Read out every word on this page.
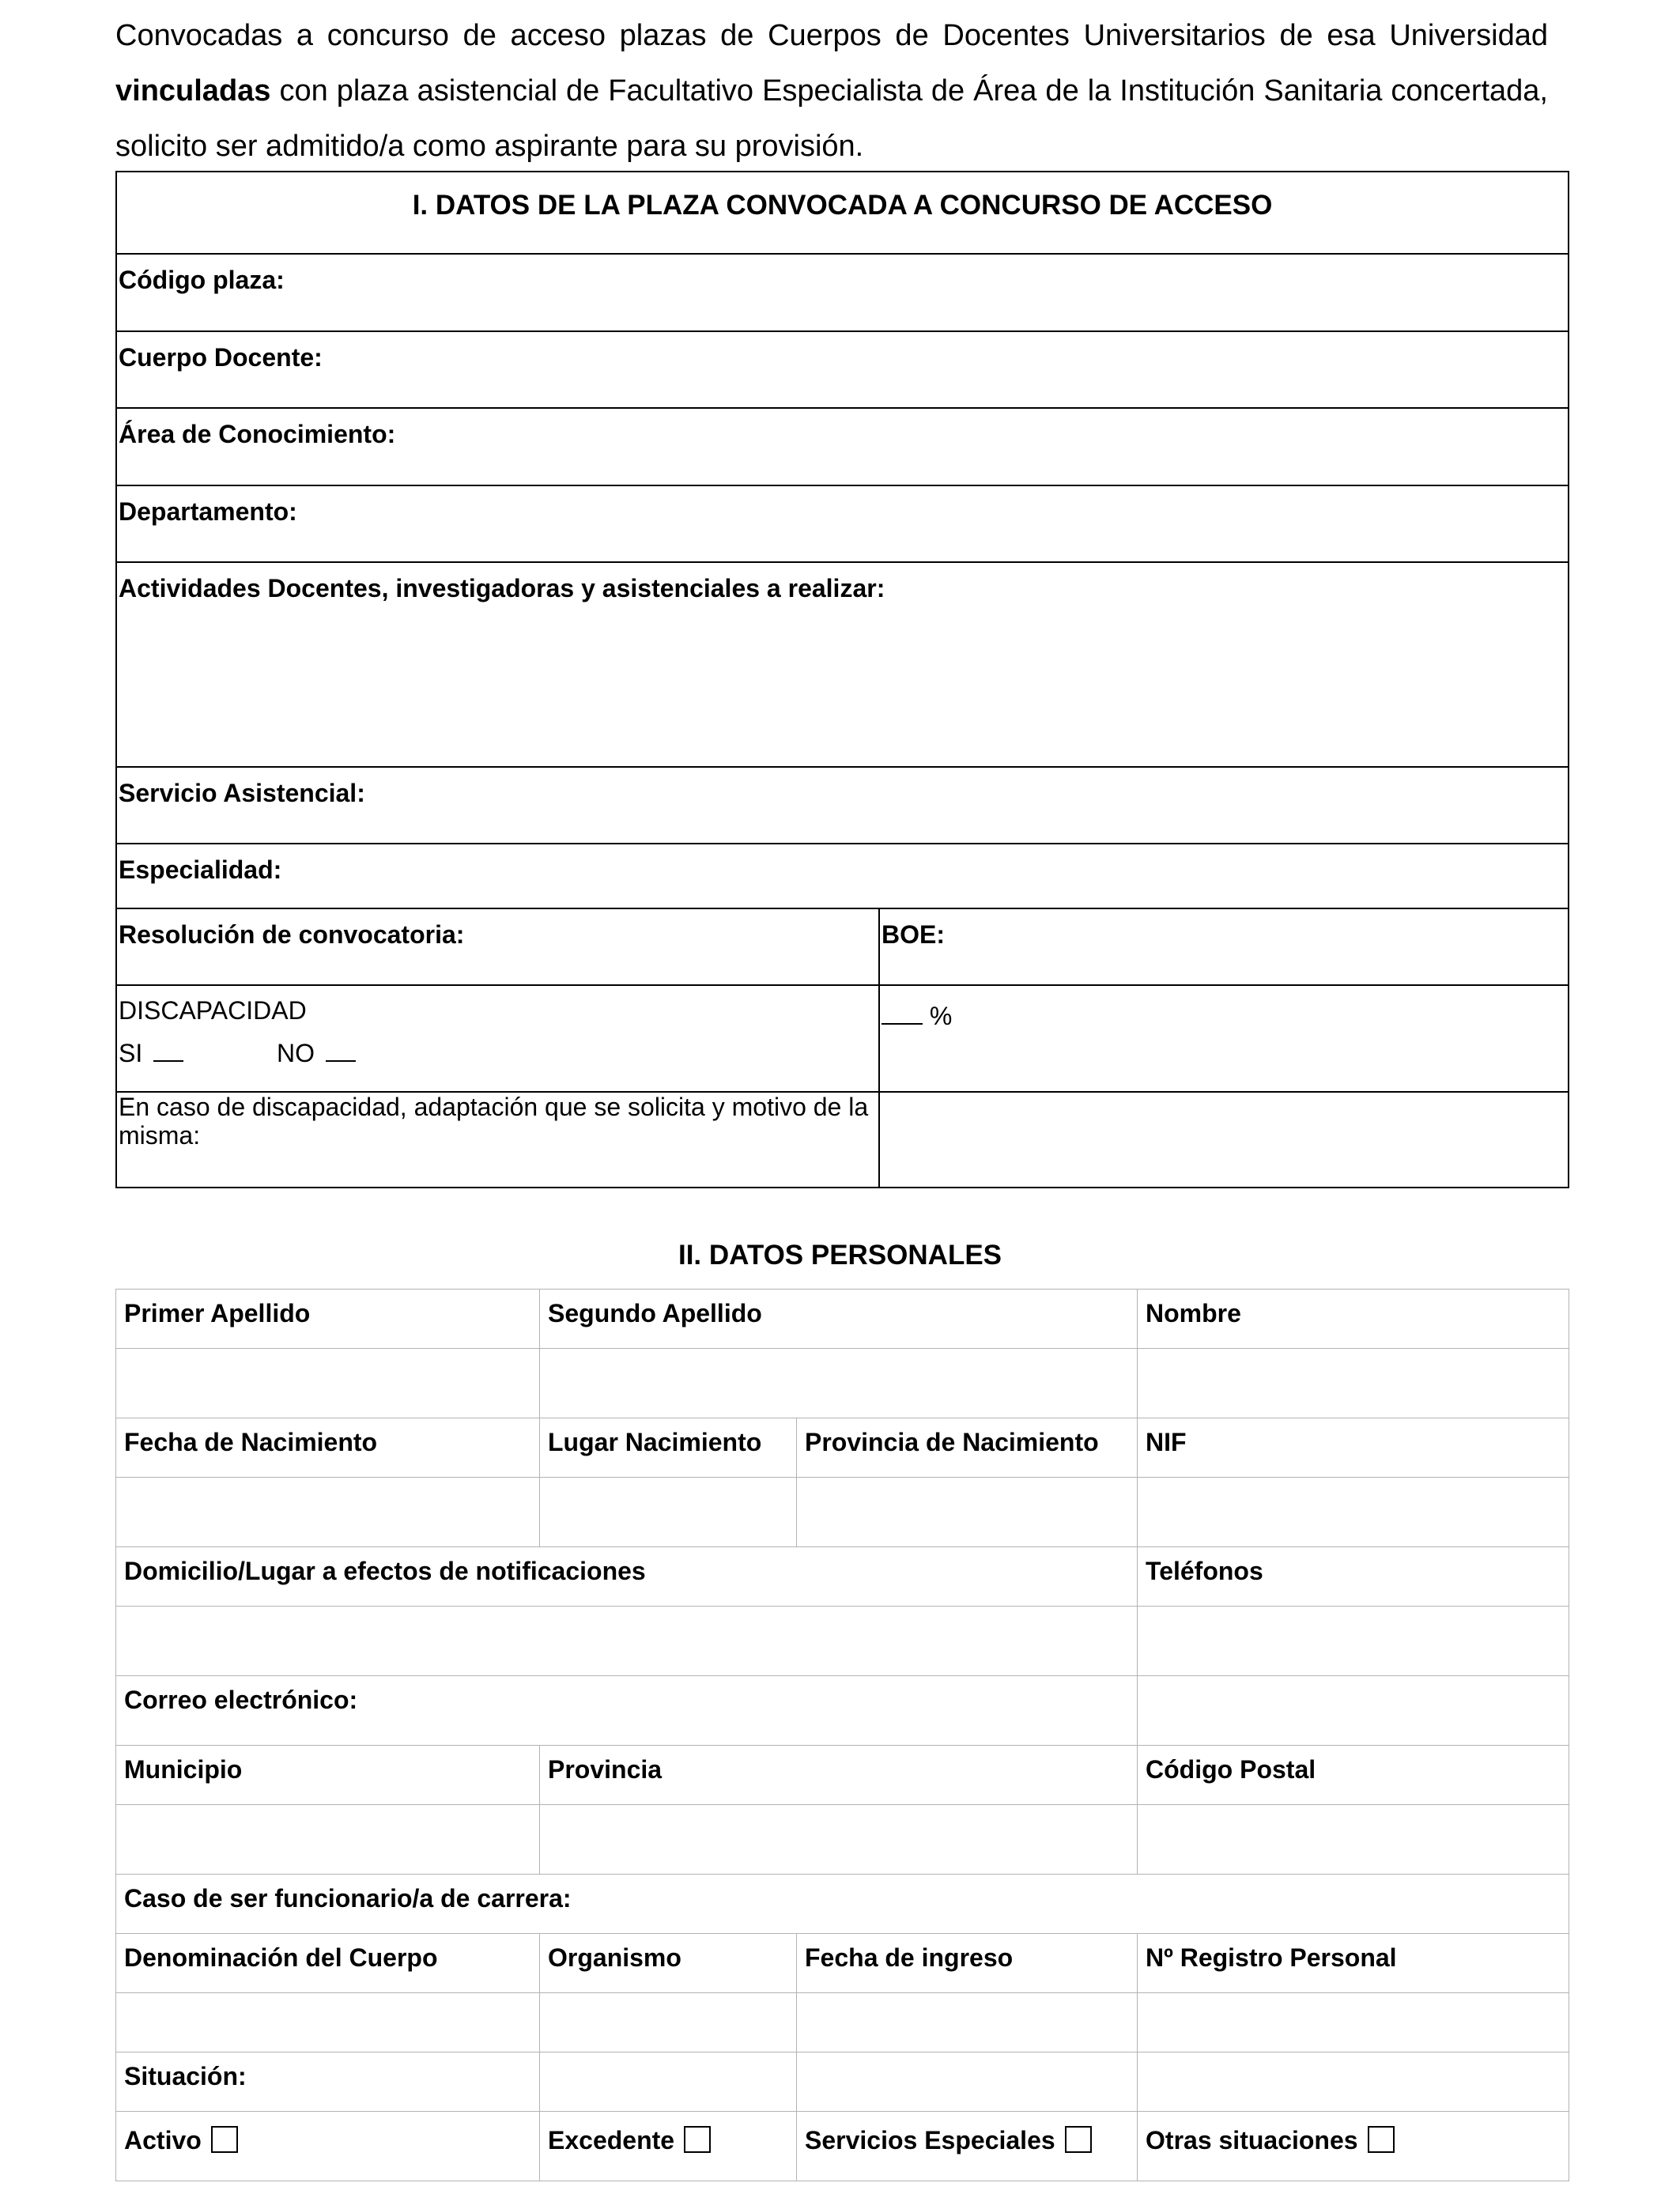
Convocadas a concurso de acceso plazas de Cuerpos de Docentes Universitarios de esa Universidad vinculadas con plaza asistencial de Facultativo Especialista de Área de la Institución Sanitaria concertada, solicito ser admitido/a como aspirante para su provisión.
I. DATOS DE LA PLAZA CONVOCADA A CONCURSO DE ACCESO	
Código plaza:	
Cuerpo Docente:	
Área de Conocimiento:	
Departamento:	
Actividades Docentes, investigadoras y asistenciales a realizar:	
Servicio Asistencial:	
Especialidad:	
Resolución de convocatoria:	BOE:

DISCAPACIDAD
SI NO	%
En caso de discapacidad, adaptación que se solicita y motivo de la misma:	
II. DATOS PERSONALES
Primer Apellido	Segundo Apellido		Nombre

Fecha de Nacimiento	Lugar Nacimiento	Provincia de Nacimiento	NIF

Domicilio/Lugar a efectos de notificaciones			Teléfonos

Correo electrónico:			
Municipio	Provincia		Código Postal

Caso de ser funcionario/a de carrera:			
Denominación del Cuerpo	Organismo	Fecha de ingreso	Nº Registro Personal

Situación:			
Activo	Excedente	Servicios Especiales	Otras situaciones
